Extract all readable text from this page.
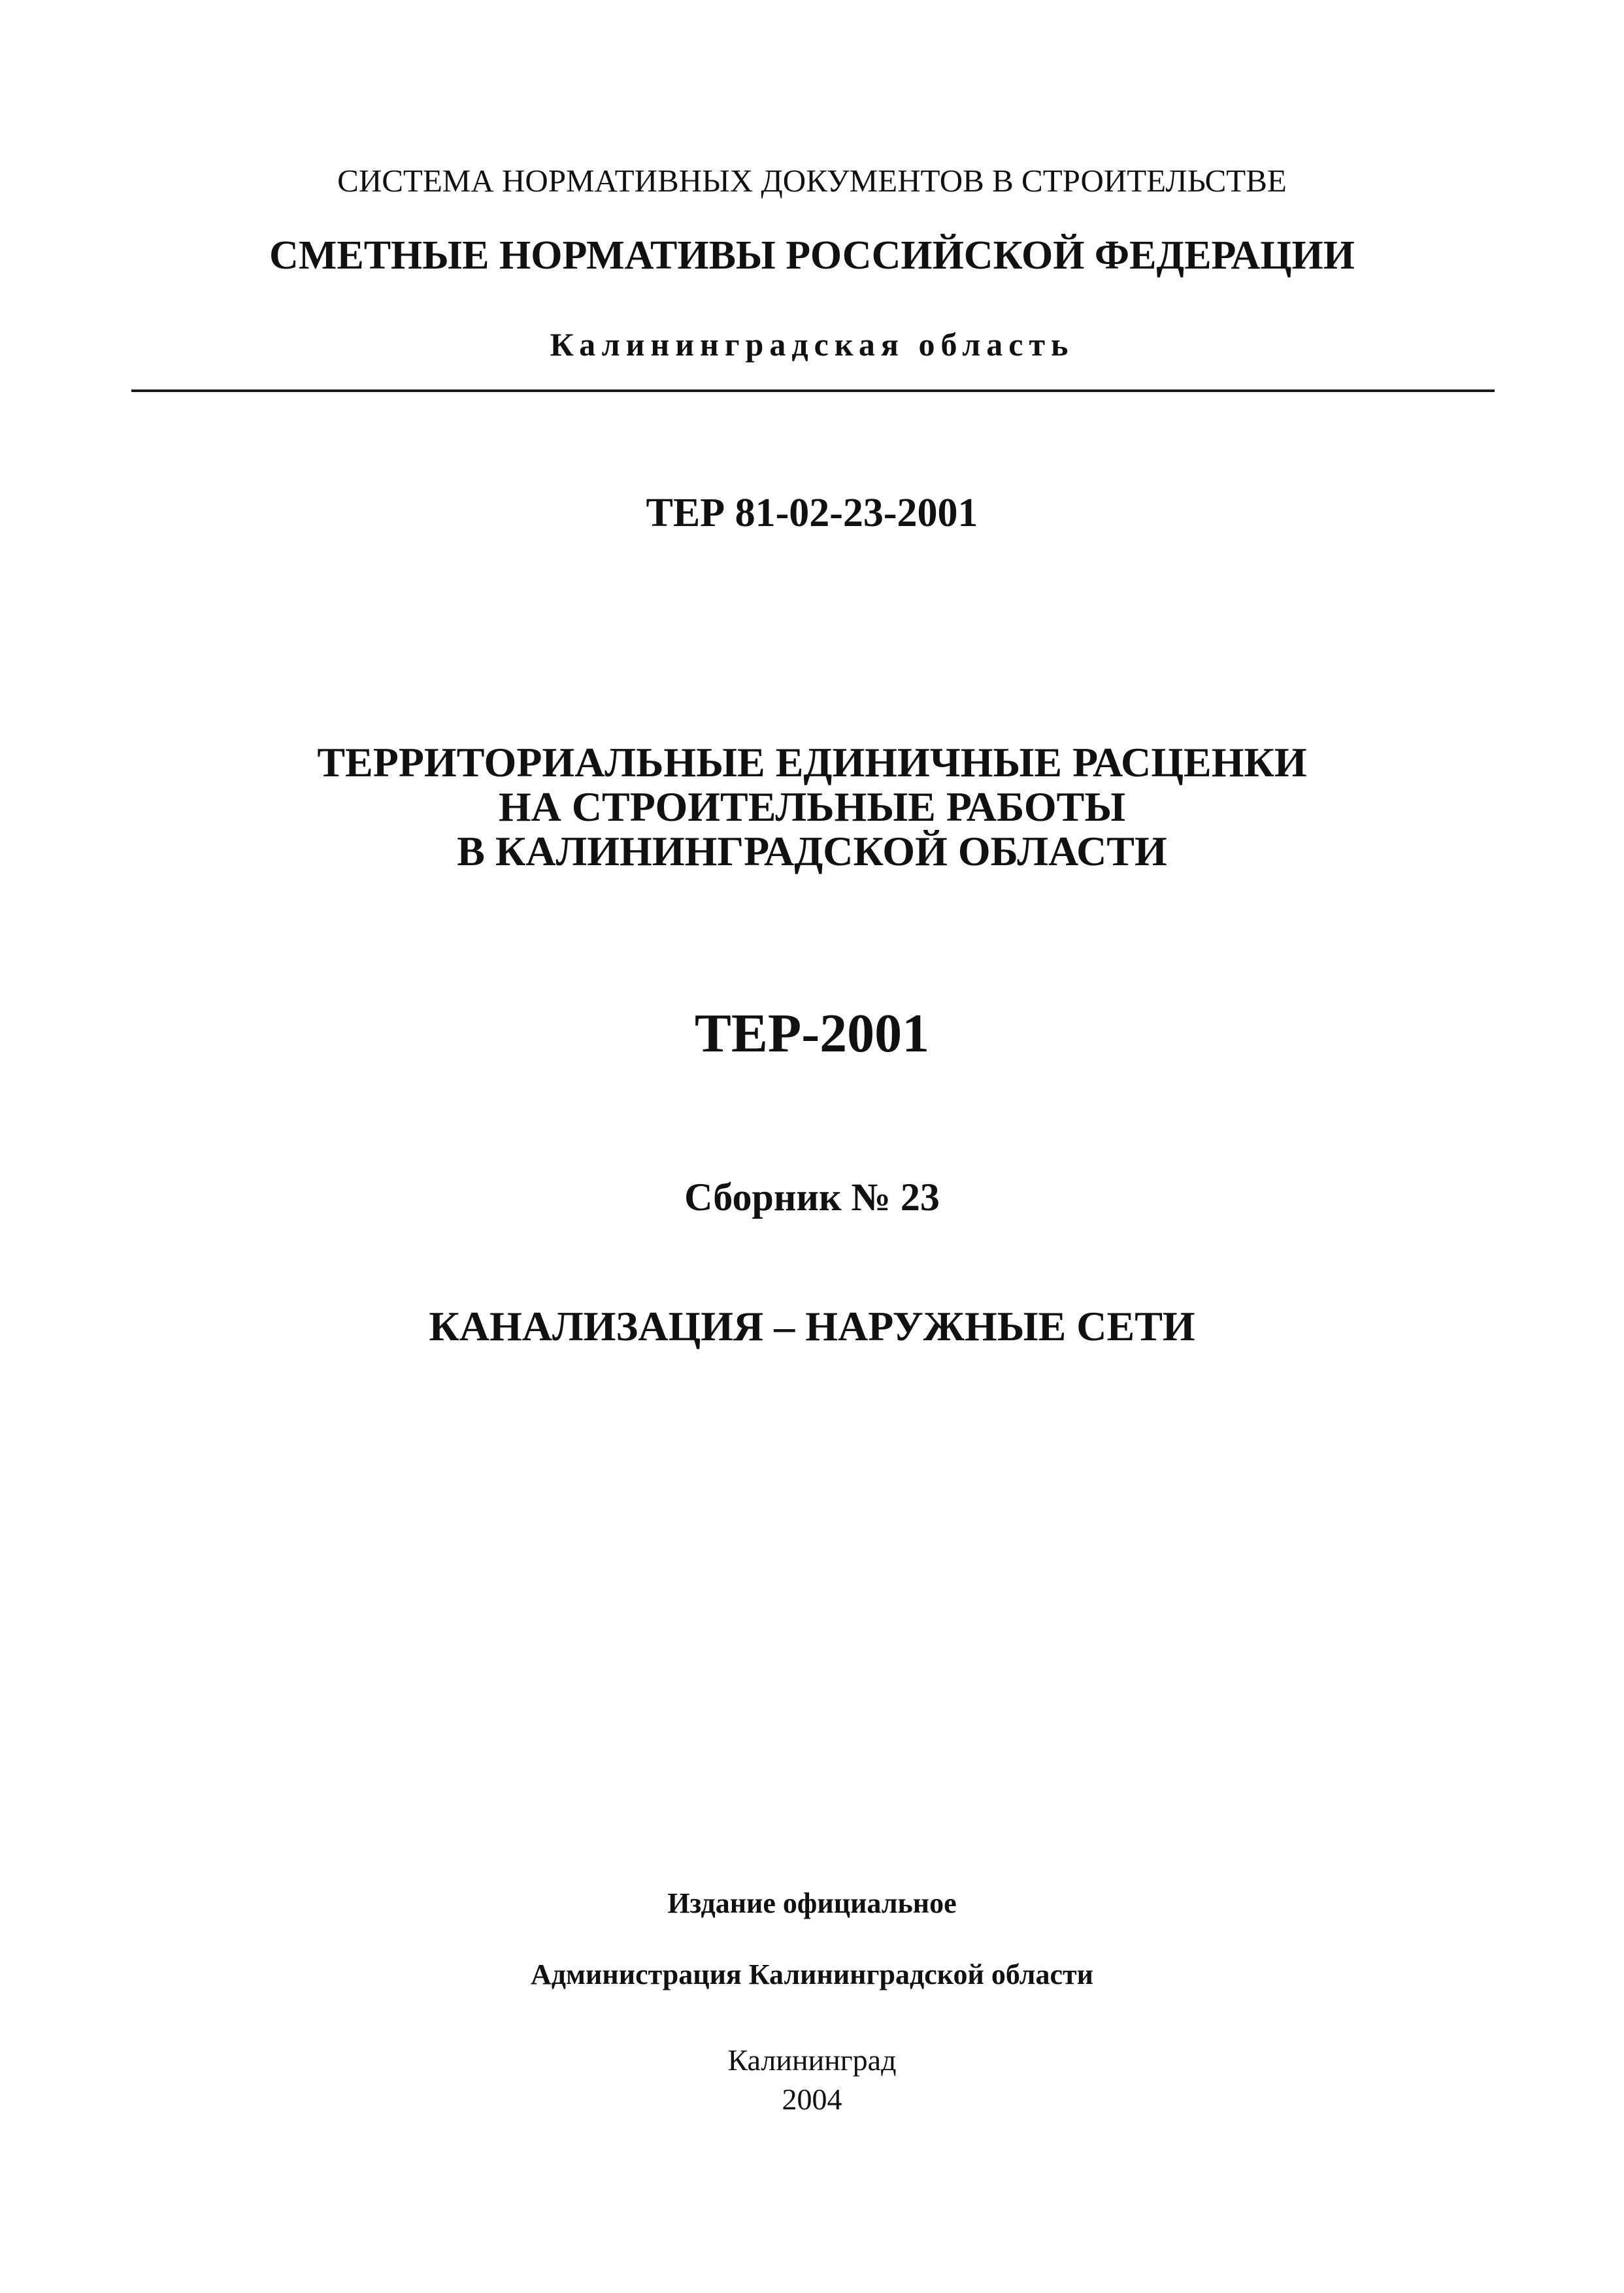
СИСТЕМА НОРМАТИВНЫХ ДОКУМЕНТОВ В СТРОИТЕЛЬСТВЕ
СМЕТНЫЕ НОРМАТИВЫ РОССИЙСКОЙ ФЕДЕРАЦИИ
Калининградская область
ТЕР 81-02-23-2001
ТЕРРИТОРИАЛЬНЫЕ ЕДИНИЧНЫЕ РАСЦЕНКИ
НА СТРОИТЕЛЬНЫЕ РАБОТЫ
В КАЛИНИНГРАДСКОЙ ОБЛАСТИ
ТЕР-2001
Сборник № 23
КАНАЛИЗАЦИЯ – НАРУЖНЫЕ СЕТИ
Издание официальное
Администрация Калининградской области
Калининград
2004
